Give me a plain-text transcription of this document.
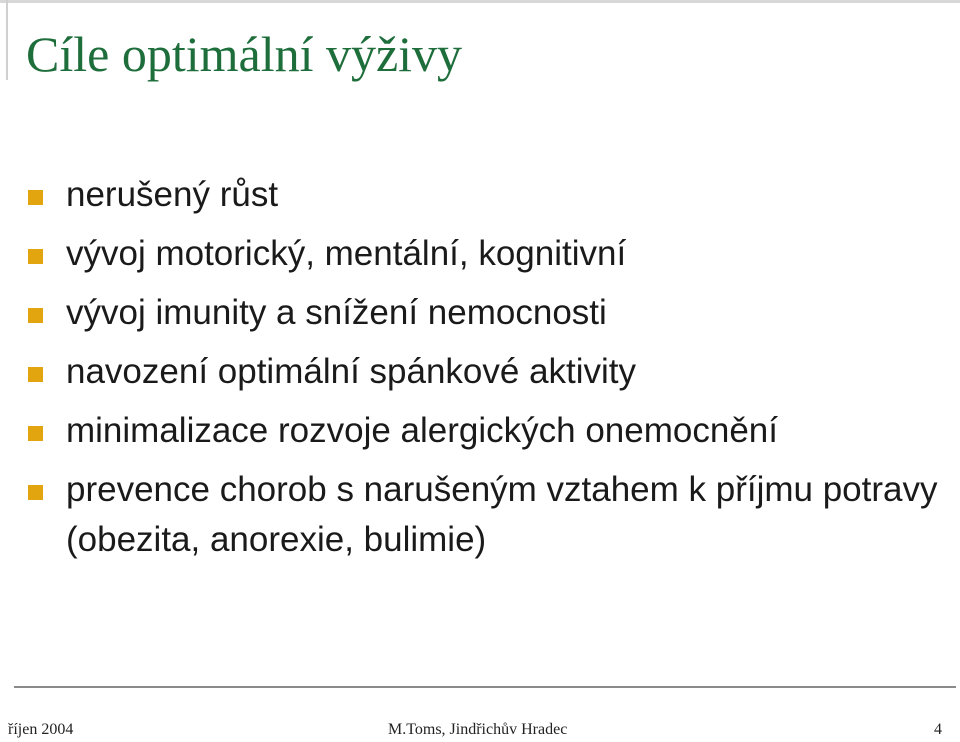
Cíle optimální výživy
nerušený růst
vývoj motorický, mentální, kognitivní
vývoj imunity a snížení nemocnosti
navození optimální spánkové aktivity
minimalizace rozvoje alergických onemocnění
prevence chorob s narušeným vztahem k příjmu potravy (obezita, anorexie, bulimie)
říjen 2004	M.Toms, Jindřichův Hradec	4
